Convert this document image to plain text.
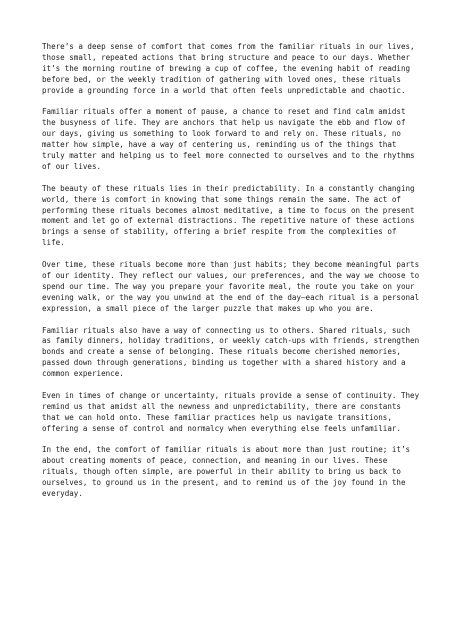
There’s a deep sense of comfort that comes from the familiar rituals in our lives,
those small, repeated actions that bring structure and peace to our days. Whether
it’s the morning routine of brewing a cup of coffee, the evening habit of reading
before bed, or the weekly tradition of gathering with loved ones, these rituals
provide a grounding force in a world that often feels unpredictable and chaotic.

Familiar rituals offer a moment of pause, a chance to reset and find calm amidst
the busyness of life. They are anchors that help us navigate the ebb and flow of
our days, giving us something to look forward to and rely on. These rituals, no
matter how simple, have a way of centering us, reminding us of the things that
truly matter and helping us to feel more connected to ourselves and to the rhythms
of our lives.

The beauty of these rituals lies in their predictability. In a constantly changing
world, there is comfort in knowing that some things remain the same. The act of
performing these rituals becomes almost meditative, a time to focus on the present
moment and let go of external distractions. The repetitive nature of these actions
brings a sense of stability, offering a brief respite from the complexities of
life.

Over time, these rituals become more than just habits; they become meaningful parts
of our identity. They reflect our values, our preferences, and the way we choose to
spend our time. The way you prepare your favorite meal, the route you take on your
evening walk, or the way you unwind at the end of the day—each ritual is a personal
expression, a small piece of the larger puzzle that makes up who you are.

Familiar rituals also have a way of connecting us to others. Shared rituals, such
as family dinners, holiday traditions, or weekly catch-ups with friends, strengthen
bonds and create a sense of belonging. These rituals become cherished memories,
passed down through generations, binding us together with a shared history and a
common experience.

Even in times of change or uncertainty, rituals provide a sense of continuity. They
remind us that amidst all the newness and unpredictability, there are constants
that we can hold onto. These familiar practices help us navigate transitions,
offering a sense of control and normalcy when everything else feels unfamiliar.

In the end, the comfort of familiar rituals is about more than just routine; it’s
about creating moments of peace, connection, and meaning in our lives. These
rituals, though often simple, are powerful in their ability to bring us back to
ourselves, to ground us in the present, and to remind us of the joy found in the
everyday.
